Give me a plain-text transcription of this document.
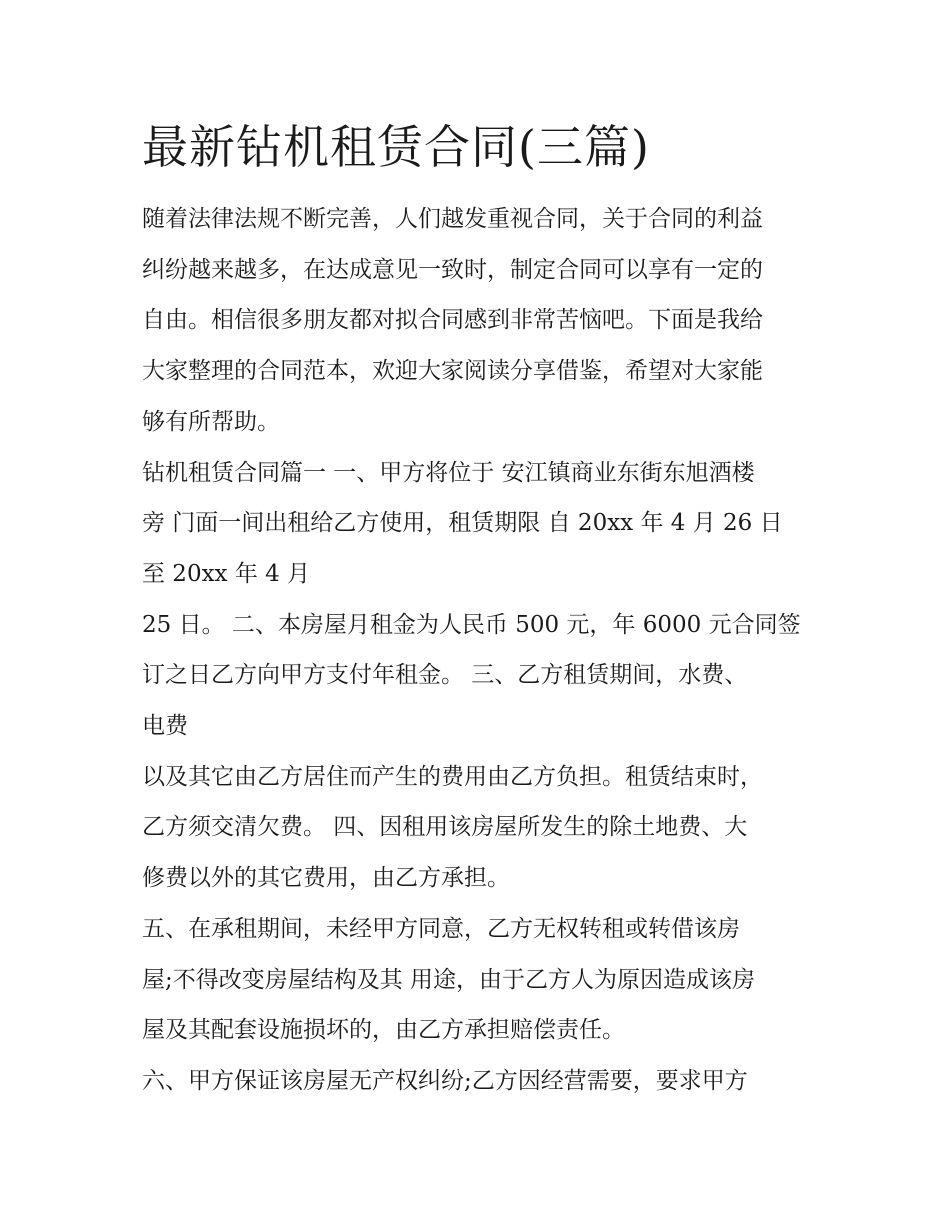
最新钻机租赁合同(三篇)
随着法律法规不断完善，人们越发重视合同，关于合同的利益
纠纷越来越多，在达成意见一致时，制定合同可以享有一定的
自由。相信很多朋友都对拟合同感到非常苦恼吧。下面是我给
大家整理的合同范本，欢迎大家阅读分享借鉴，希望对大家能
够有所帮助。
钻机租赁合同篇一 一、甲方将位于 安江镇商业东街东旭酒楼
旁 门面一间出租给乙方使用，租赁期限 自 20xx 年 4 月 26 日
至 20xx 年 4 月
25 日。 二、本房屋月租金为人民币 500 元，年 6000 元合同签
订之日乙方向甲方支付年租金。 三、乙方租赁期间，水费、
电费
以及其它由乙方居住而产生的费用由乙方负担。租赁结束时，
乙方须交清欠费。 四、因租用该房屋所发生的除土地费、大
修费以外的其它费用，由乙方承担。
五、在承租期间，未经甲方同意，乙方无权转租或转借该房
屋;不得改变房屋结构及其 用途，由于乙方人为原因造成该房
屋及其配套设施损坏的，由乙方承担赔偿责任。
六、甲方保证该房屋无产权纠纷;乙方因经营需要，要求甲方
